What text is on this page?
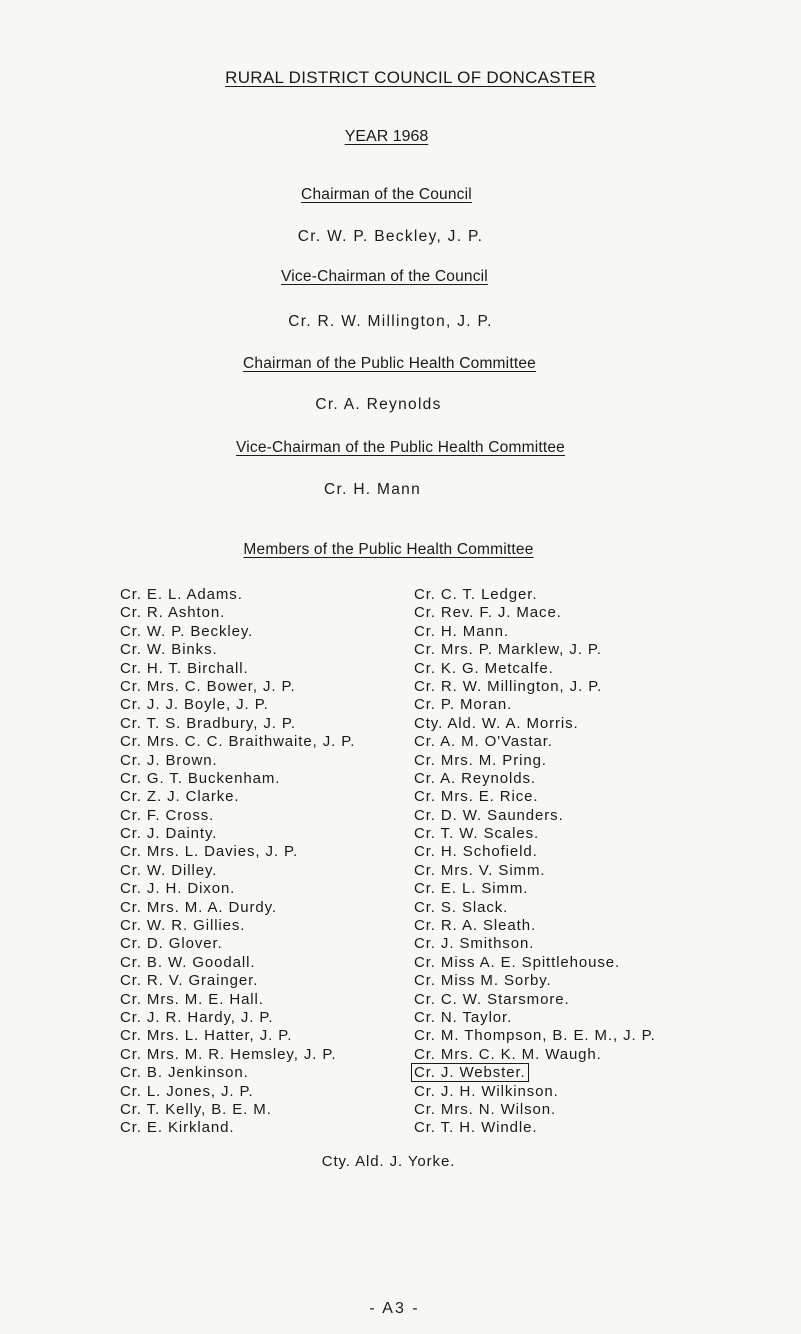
RURAL DISTRICT COUNCIL OF DONCASTER
YEAR 1968
Chairman of the Council
Cr. W. P. Beckley, J. P.
Vice-Chairman of the Council
Cr. R. W. Millington, J. P.
Chairman of the Public Health Committee
Cr. A. Reynolds
Vice-Chairman of the Public Health Committee
Cr. H. Mann
Members of the Public Health Committee
Cr. E. L. Adams.
Cr. R. Ashton.
Cr. W. P. Beckley.
Cr. W. Binks.
Cr. H. T. Birchall.
Cr. Mrs. C. Bower, J. P.
Cr. J. J. Boyle, J. P.
Cr. T. S. Bradbury, J. P.
Cr. Mrs. C. C. Braithwaite, J. P.
Cr. J. Brown.
Cr. G. T. Buckenham.
Cr. Z. J. Clarke.
Cr. F. Cross.
Cr. J. Dainty.
Cr. Mrs. L. Davies, J. P.
Cr. W. Dilley.
Cr. J. H. Dixon.
Cr. Mrs. M. A. Durdy.
Cr. W. R. Gillies.
Cr. D. Glover.
Cr. B. W. Goodall.
Cr. R. V. Grainger.
Cr. Mrs. M. E. Hall.
Cr. J. R. Hardy, J. P.
Cr. Mrs. L. Hatter, J. P.
Cr. Mrs. M. R. Hemsley, J. P.
Cr. B. Jenkinson.
Cr. L. Jones, J. P.
Cr. T. Kelly, B. E. M.
Cr. E. Kirkland.
Cr. C. T. Ledger.
Cr. Rev. F. J. Mace.
Cr. H. Mann.
Cr. Mrs. P. Marklew, J. P.
Cr. K. G. Metcalfe.
Cr. R. W. Millington, J. P.
Cr. P. Moran.
Cty. Ald. W. A. Morris.
Cr. A. M. O'Vastar.
Cr. Mrs. M. Pring.
Cr. A. Reynolds.
Cr. Mrs. E. Rice.
Cr. D. W. Saunders.
Cr. T. W. Scales.
Cr. H. Schofield.
Cr. Mrs. V. Simm.
Cr. E. L. Simm.
Cr. S. Slack.
Cr. R. A. Sleath.
Cr. J. Smithson.
Cr. Miss A. E. Spittlehouse.
Cr. Miss M. Sorby.
Cr. C. W. Starsmore.
Cr. N. Taylor.
Cr. M. Thompson, B. E. M., J. P.
Cr. Mrs. C. K. M. Waugh.
Cr. J. Webster.
Cr. J. H. Wilkinson.
Cr. Mrs. N. Wilson.
Cr. T. H. Windle.
Cty. Ald. J. Yorke.
- A3 -
